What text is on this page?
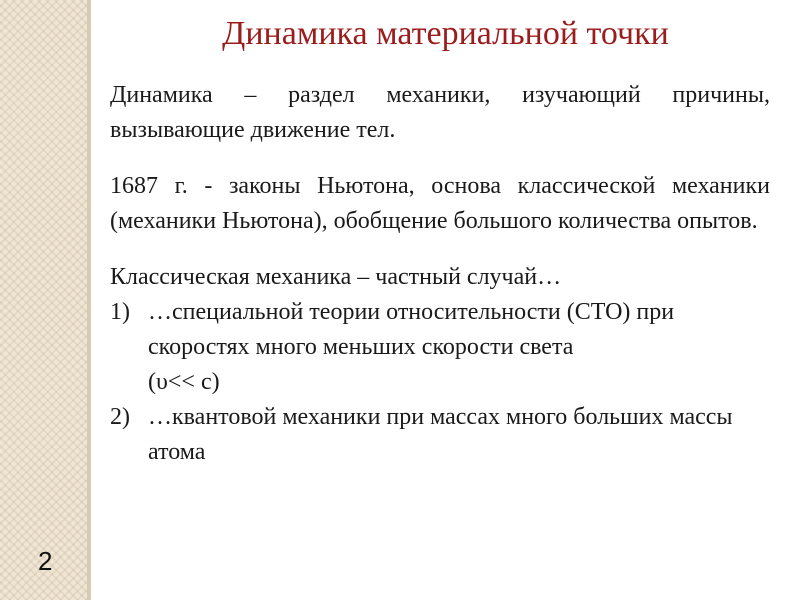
2
Динамика материальной точки

Динамика – раздел механики, изучающий причины, вызывающие движение тел.

1687 г. - законы Ньютона, основа классической механики (механики Ньютона), обобщение большого количества опытов.

Классическая механика – частный случай…

1) …специальной теории относительности (СТО) при скоростях много меньших скорости света
(υ<< c)
2) …квантовой механики при массах много больших массы атома
